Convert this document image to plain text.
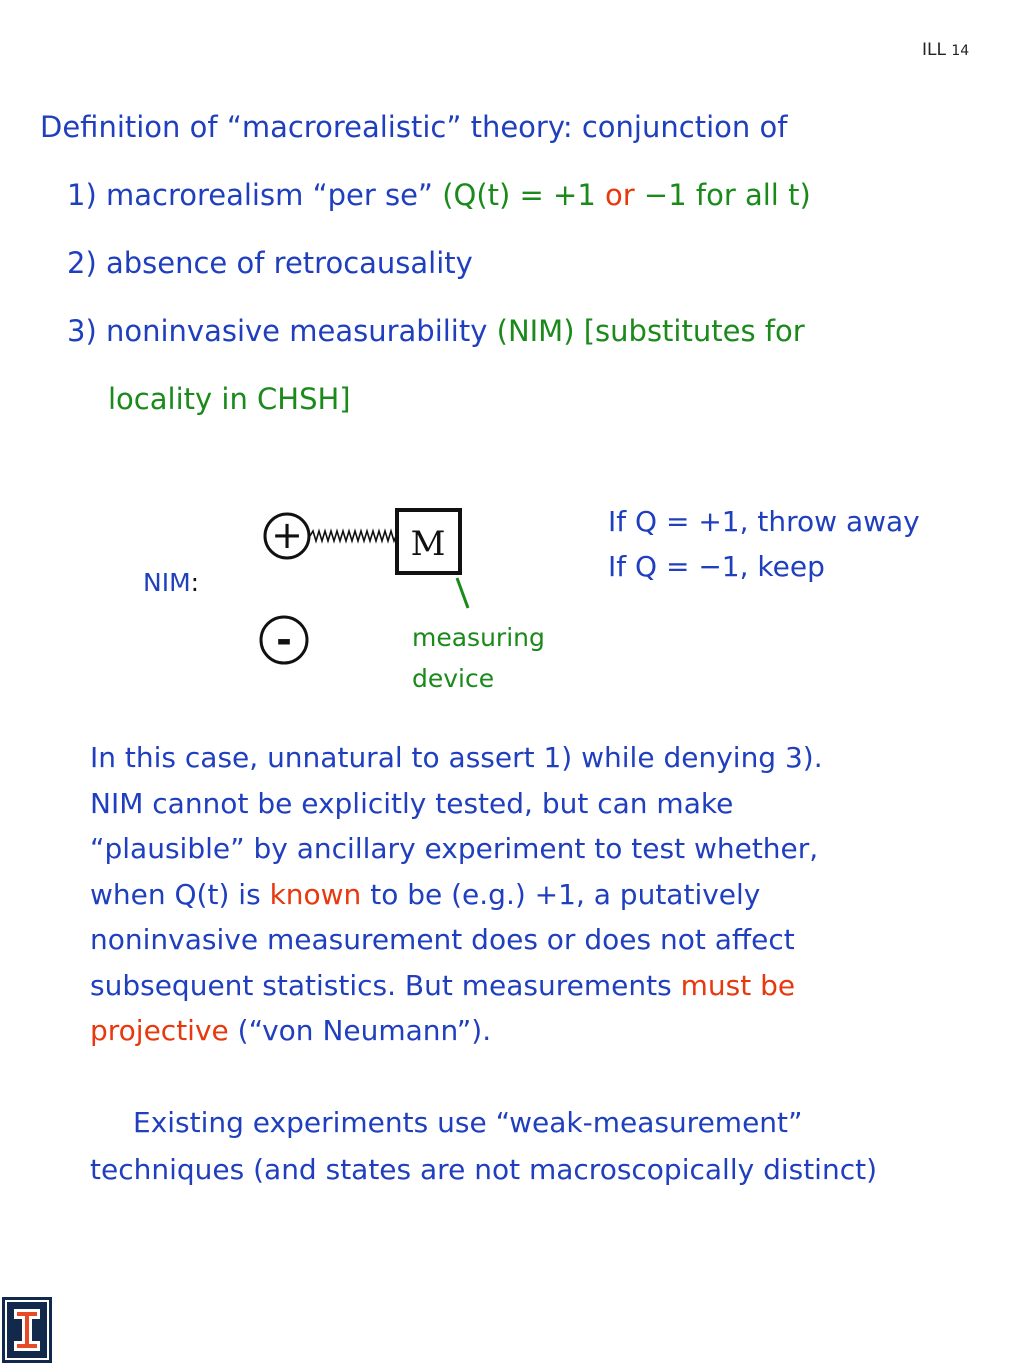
ILL 14
Definition of “macrorealistic” theory: conjunction of
1) macrorealism “per se” (Q(t) = +1 or −1 for all t)
2) absence of retrocausality
3) noninvasive measurability (NIM) [substitutes for
locality in CHSH]
NIM:
+	M
-	measuring
device
If Q = +1, throw away
If Q = −1, keep
In this case, unnatural to assert 1) while denying 3).
NIM cannot be explicitly tested, but can make
“plausible” by ancillary experiment to test whether,
when Q(t) is known to be (e.g.) +1, a putatively
noninvasive measurement does or does not affect
subsequent statistics. But measurements must be
projective (“von Neumann”).
Existing experiments use “weak-measurement”
techniques (and states are not macroscopically distinct)
